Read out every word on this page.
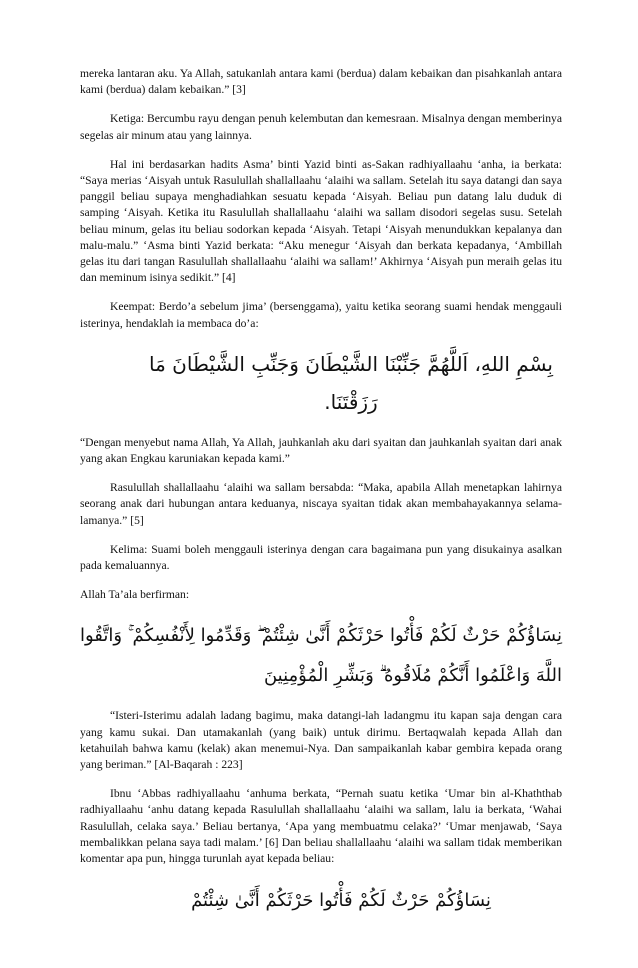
mereka lantaran aku. Ya Allah, satukanlah antara kami (berdua) dalam kebaikan dan pisahkanlah antara kami (berdua) dalam kebaikan.” [3]

Ketiga: Bercumbu rayu dengan penuh kelembutan dan kemesraan. Misalnya dengan memberinya segelas air minum atau yang lainnya.

Hal ini berdasarkan hadits Asma’ binti Yazid binti as-Sakan radhiyallaahu ‘anha, ia berkata: “Saya merias ‘Aisyah untuk Rasulullah shallallaahu ‘alaihi wa sallam. Setelah itu saya datangi dan saya panggil beliau supaya menghadiahkan sesuatu kepada ‘Aisyah. Beliau pun datang lalu duduk di samping ‘Aisyah. Ketika itu Rasulullah shallallaahu ‘alaihi wa sallam disodori segelas susu. Setelah beliau minum, gelas itu beliau sodorkan kepada ‘Aisyah. Tetapi ‘Aisyah menundukkan kepalanya dan malu-malu.” ‘Asma binti Yazid berkata: “Aku menegur ‘Aisyah dan berkata kepadanya, ‘Ambillah gelas itu dari tangan Rasulullah shallallaahu ‘alaihi wa sallam!’ Akhirnya ‘Aisyah pun meraih gelas itu dan meminum isinya sedikit.” [4]

Keempat: Berdo’a sebelum jima’ (bersenggama), yaitu ketika seorang suami hendak menggauli isterinya, hendaklah ia membaca do’a:

بِسْمِ اللهِ، اَللَّهُمَّ جَنِّبْنَا الشَّيْطَانَ وَجَنِّبِ الشَّيْطَانَ مَا رَزَقْتَنَا.

“Dengan menyebut nama Allah, Ya Allah, jauhkanlah aku dari syaitan dan jauhkanlah syaitan dari anak yang akan Engkau karuniakan kepada kami.”

Rasulullah shallallaahu ‘alaihi wa sallam bersabda: “Maka, apabila Allah menetapkan lahirnya seorang anak dari hubungan antara keduanya, niscaya syaitan tidak akan membahayakannya selama-lamanya.” [5]

Kelima: Suami boleh menggauli isterinya dengan cara bagaimana pun yang disukainya asalkan pada kemaluannya.

Allah Ta’ala berfirman:

نِسَاؤُكُمْ حَرْثٌ لَكُمْ فَأْتُوا حَرْثَكُمْ أَنَّىٰ شِئْتُمْ ۖ وَقَدِّمُوا لِأَنْفُسِكُمْ ۚ وَاتَّقُوا اللَّهَ وَاعْلَمُوا أَنَّكُمْ مُلَاقُوهُ ۗ وَبَشِّرِ الْمُؤْمِنِينَ

“Isteri-Isterimu adalah ladang bagimu, maka datangi-lah ladangmu itu kapan saja dengan cara yang kamu sukai. Dan utamakanlah (yang baik) untuk dirimu. Bertaqwalah kepada Allah dan ketahuilah bahwa kamu (kelak) akan menemui-Nya. Dan sampaikanlah kabar gembira kepada orang yang beriman.” [Al-Baqarah : 223]

Ibnu ‘Abbas radhiyallaahu ‘anhuma berkata, “Pernah suatu ketika ‘Umar bin al-Khaththab radhiyallaahu ‘anhu datang kepada Rasulullah shallallaahu ‘alaihi wa sallam, lalu ia berkata, ‘Wahai Rasulullah, celaka saya.’ Beliau bertanya, ‘Apa yang membuatmu celaka?’ ‘Umar menjawab, ‘Saya membalikkan pelana saya tadi malam.’ [6] Dan beliau shallallaahu ‘alaihi wa sallam tidak memberikan komentar apa pun, hingga turunlah ayat kepada beliau:

نِسَاؤُكُمْ حَرْثٌ لَكُمْ فَأْتُوا حَرْثَكُمْ أَنَّىٰ شِئْتُمْ
